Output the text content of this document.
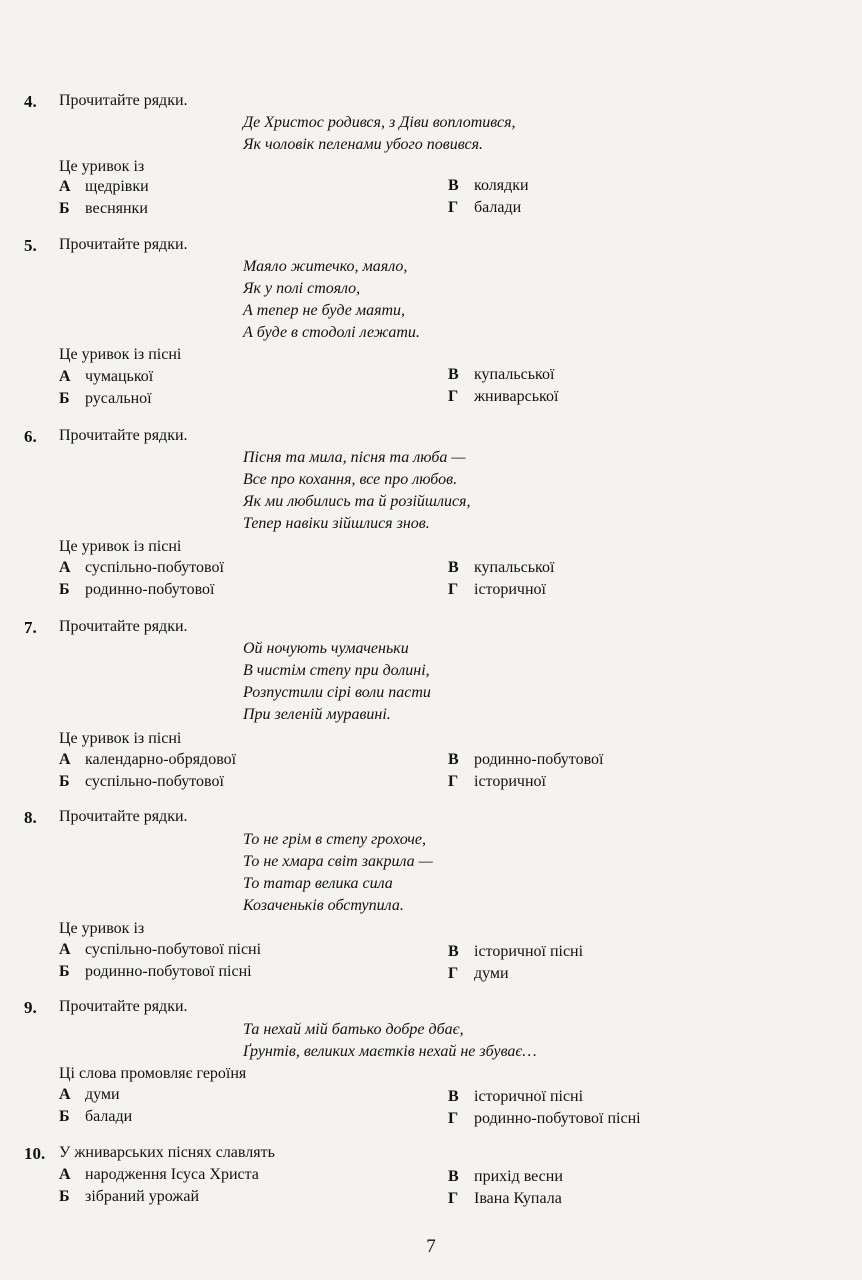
4. Прочитайте рядки.
Де Христос родився, з Діви воплотився,
Як чоловік пеленами убого повився.
Це уривок із
А щедрівки
Б веснянки
В колядки
Г балади
5. Прочитайте рядки.
Маяло житечко, маяло,
Як у полі стояло,
А тепер не буде маяти,
А буде в стодолі лежати.
Це уривок із пісні
А чумацької
Б русальної
В купальської
Г жниварської
6. Прочитайте рядки.
Пісня та мила, пісня та люба —
Все про кохання, все про любов.
Як ми любились та й розійшлися,
Тепер навіки зійшлися знов.
Це уривок із пісні
А суспільно-побутової
Б родинно-побутової
В купальської
Г історичної
7. Прочитайте рядки.
Ой ночують чумаченьки
В чистім степу при долині,
Розпустили сірі воли пасти
При зеленій муравині.
Це уривок із пісні
А календарно-обрядової
Б суспільно-побутової
В родинно-побутової
Г історичної
8. Прочитайте рядки.
То не грім в степу грохоче,
То не хмара світ закрила —
То татар велика сила
Козаченьків обступила.
Це уривок із
А суспільно-побутової пісні
Б родинно-побутової пісні
В історичної пісні
Г думи
9. Прочитайте рядки.
Та нехай мій батько добре дбає,
Ґрунтів, великих маєтків нехай не збуває…
Ці слова промовляє героїня
А думи
Б балади
В історичної пісні
Г родинно-побутової пісні
10. У жниварських піснях славлять
А народження Ісуса Христа
Б зібраний урожай
В прихід весни
Г Івана Купала
7
